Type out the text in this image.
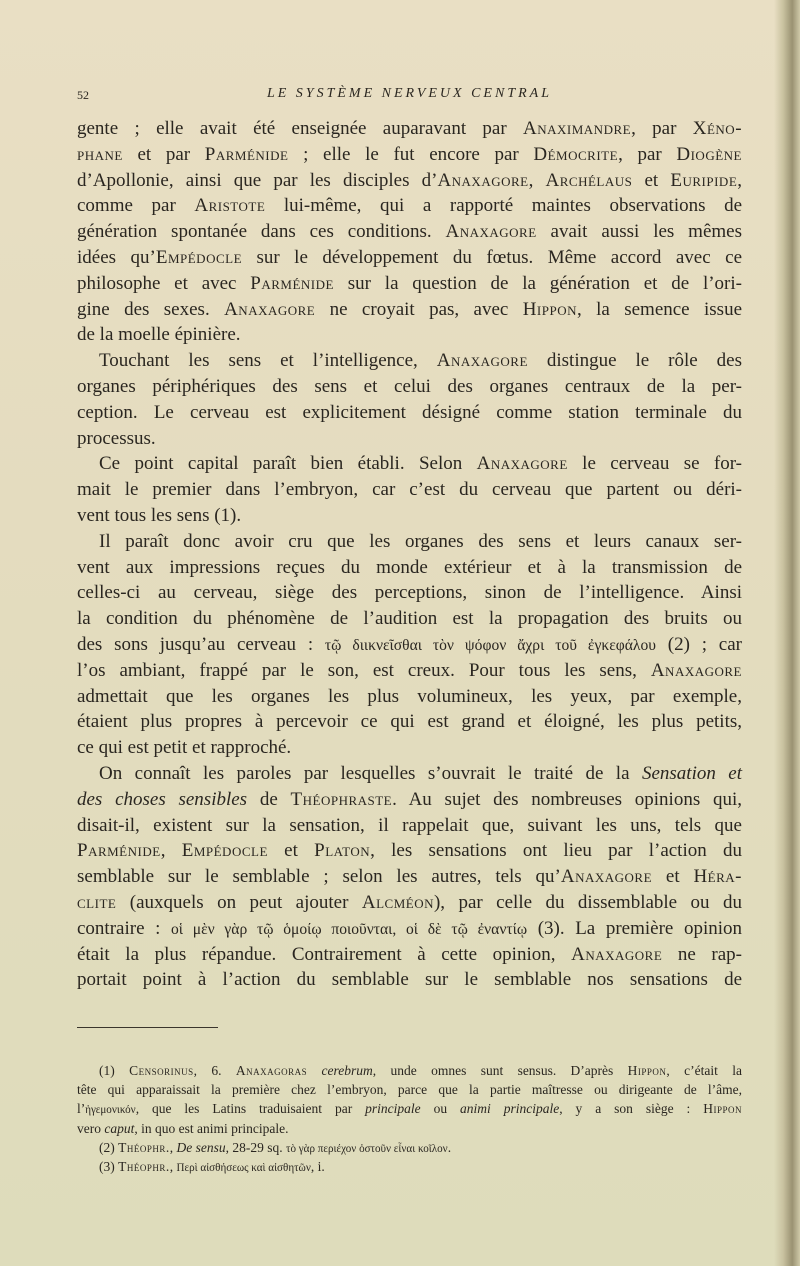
52	LE SYSTÈME NERVEUX CENTRAL
gente ; elle avait été enseignée auparavant par Anaximandre, par Xéno-
phane et par Parménide ; elle le fut encore par Démocrite, par Diogène
d’Apollonie, ainsi que par les disciples d’Anaxagore, Archélaus et Euripide,
comme par Aristote lui-même, qui a rapporté maintes observations de
génération spontanée dans ces conditions. Anaxagore avait aussi les mêmes
idées qu’Empédocle sur le développement du fœtus. Même accord avec ce
philosophe et avec Parménide sur la question de la génération et de l’ori-
gine des sexes. Anaxagore ne croyait pas, avec Hippon, la semence issue
de la moelle épinière.
Touchant les sens et l’intelligence, Anaxagore distingue le rôle des
organes périphériques des sens et celui des organes centraux de la per-
ception. Le cerveau est explicitement désigné comme station terminale du
processus.
Ce point capital paraît bien établi. Selon Anaxagore le cerveau se for-
mait le premier dans l’embryon, car c’est du cerveau que partent ou déri-
vent tous les sens (1).
Il paraît donc avoir cru que les organes des sens et leurs canaux ser-
vent aux impressions reçues du monde extérieur et à la transmission de
celles-ci au cerveau, siège des perceptions, sinon de l’intelligence. Ainsi
la condition du phénomène de l’audition est la propagation des bruits ou
des sons jusqu’au cerveau : τῷ διικνεῖσθαι τὸν ψόφον ἄχρι τοῦ ἐγκεφάλου (2) ; car
l’os ambiant, frappé par le son, est creux. Pour tous les sens, Anaxagore
admettait que les organes les plus volumineux, les yeux, par exemple,
étaient plus propres à percevoir ce qui est grand et éloigné, les plus petits,
ce qui est petit et rapproché.
On connaît les paroles par lesquelles s’ouvrait le traité de la Sensation et
des choses sensibles de Théophraste. Au sujet des nombreuses opinions qui,
disait-il, existent sur la sensation, il rappelait que, suivant les uns, tels que
Parménide, Empédocle et Platon, les sensations ont lieu par l’action du
semblable sur le semblable ; selon les autres, tels qu’Anaxagore et Héra-
clite (auxquels on peut ajouter Alcméon), par celle du dissemblable ou du
contraire : οἱ μὲν γὰρ τῷ ὁμοίῳ ποιοῦνται, οἱ δὲ τῷ ἐναντίῳ (3). La première opinion
était la plus répandue. Contrairement à cette opinion, Anaxagore ne rap-
portait point à l’action du semblable sur le semblable nos sensations de
(1) Censorinus, 6. Anaxagoras cerebrum, unde omnes sunt sensus. D’après Hippon, c’était la
tête qui apparaissait la première chez l’embryon, parce que la partie maîtresse ou dirigeante de l’âme,
l’ἡγεμονικόν, que les Latins traduisaient par principale ou animi principale, y a son siège : Hippon
vero caput, in quo est animi principale.
(2) Théophr., De sensu, 28-29 sq. τὸ γὰρ περιέχον ὀστοῦν εἶναι κοῖλον.
(3) Théophr., Περὶ αἰσθήσεως καὶ αἰσθητῶν, i.
